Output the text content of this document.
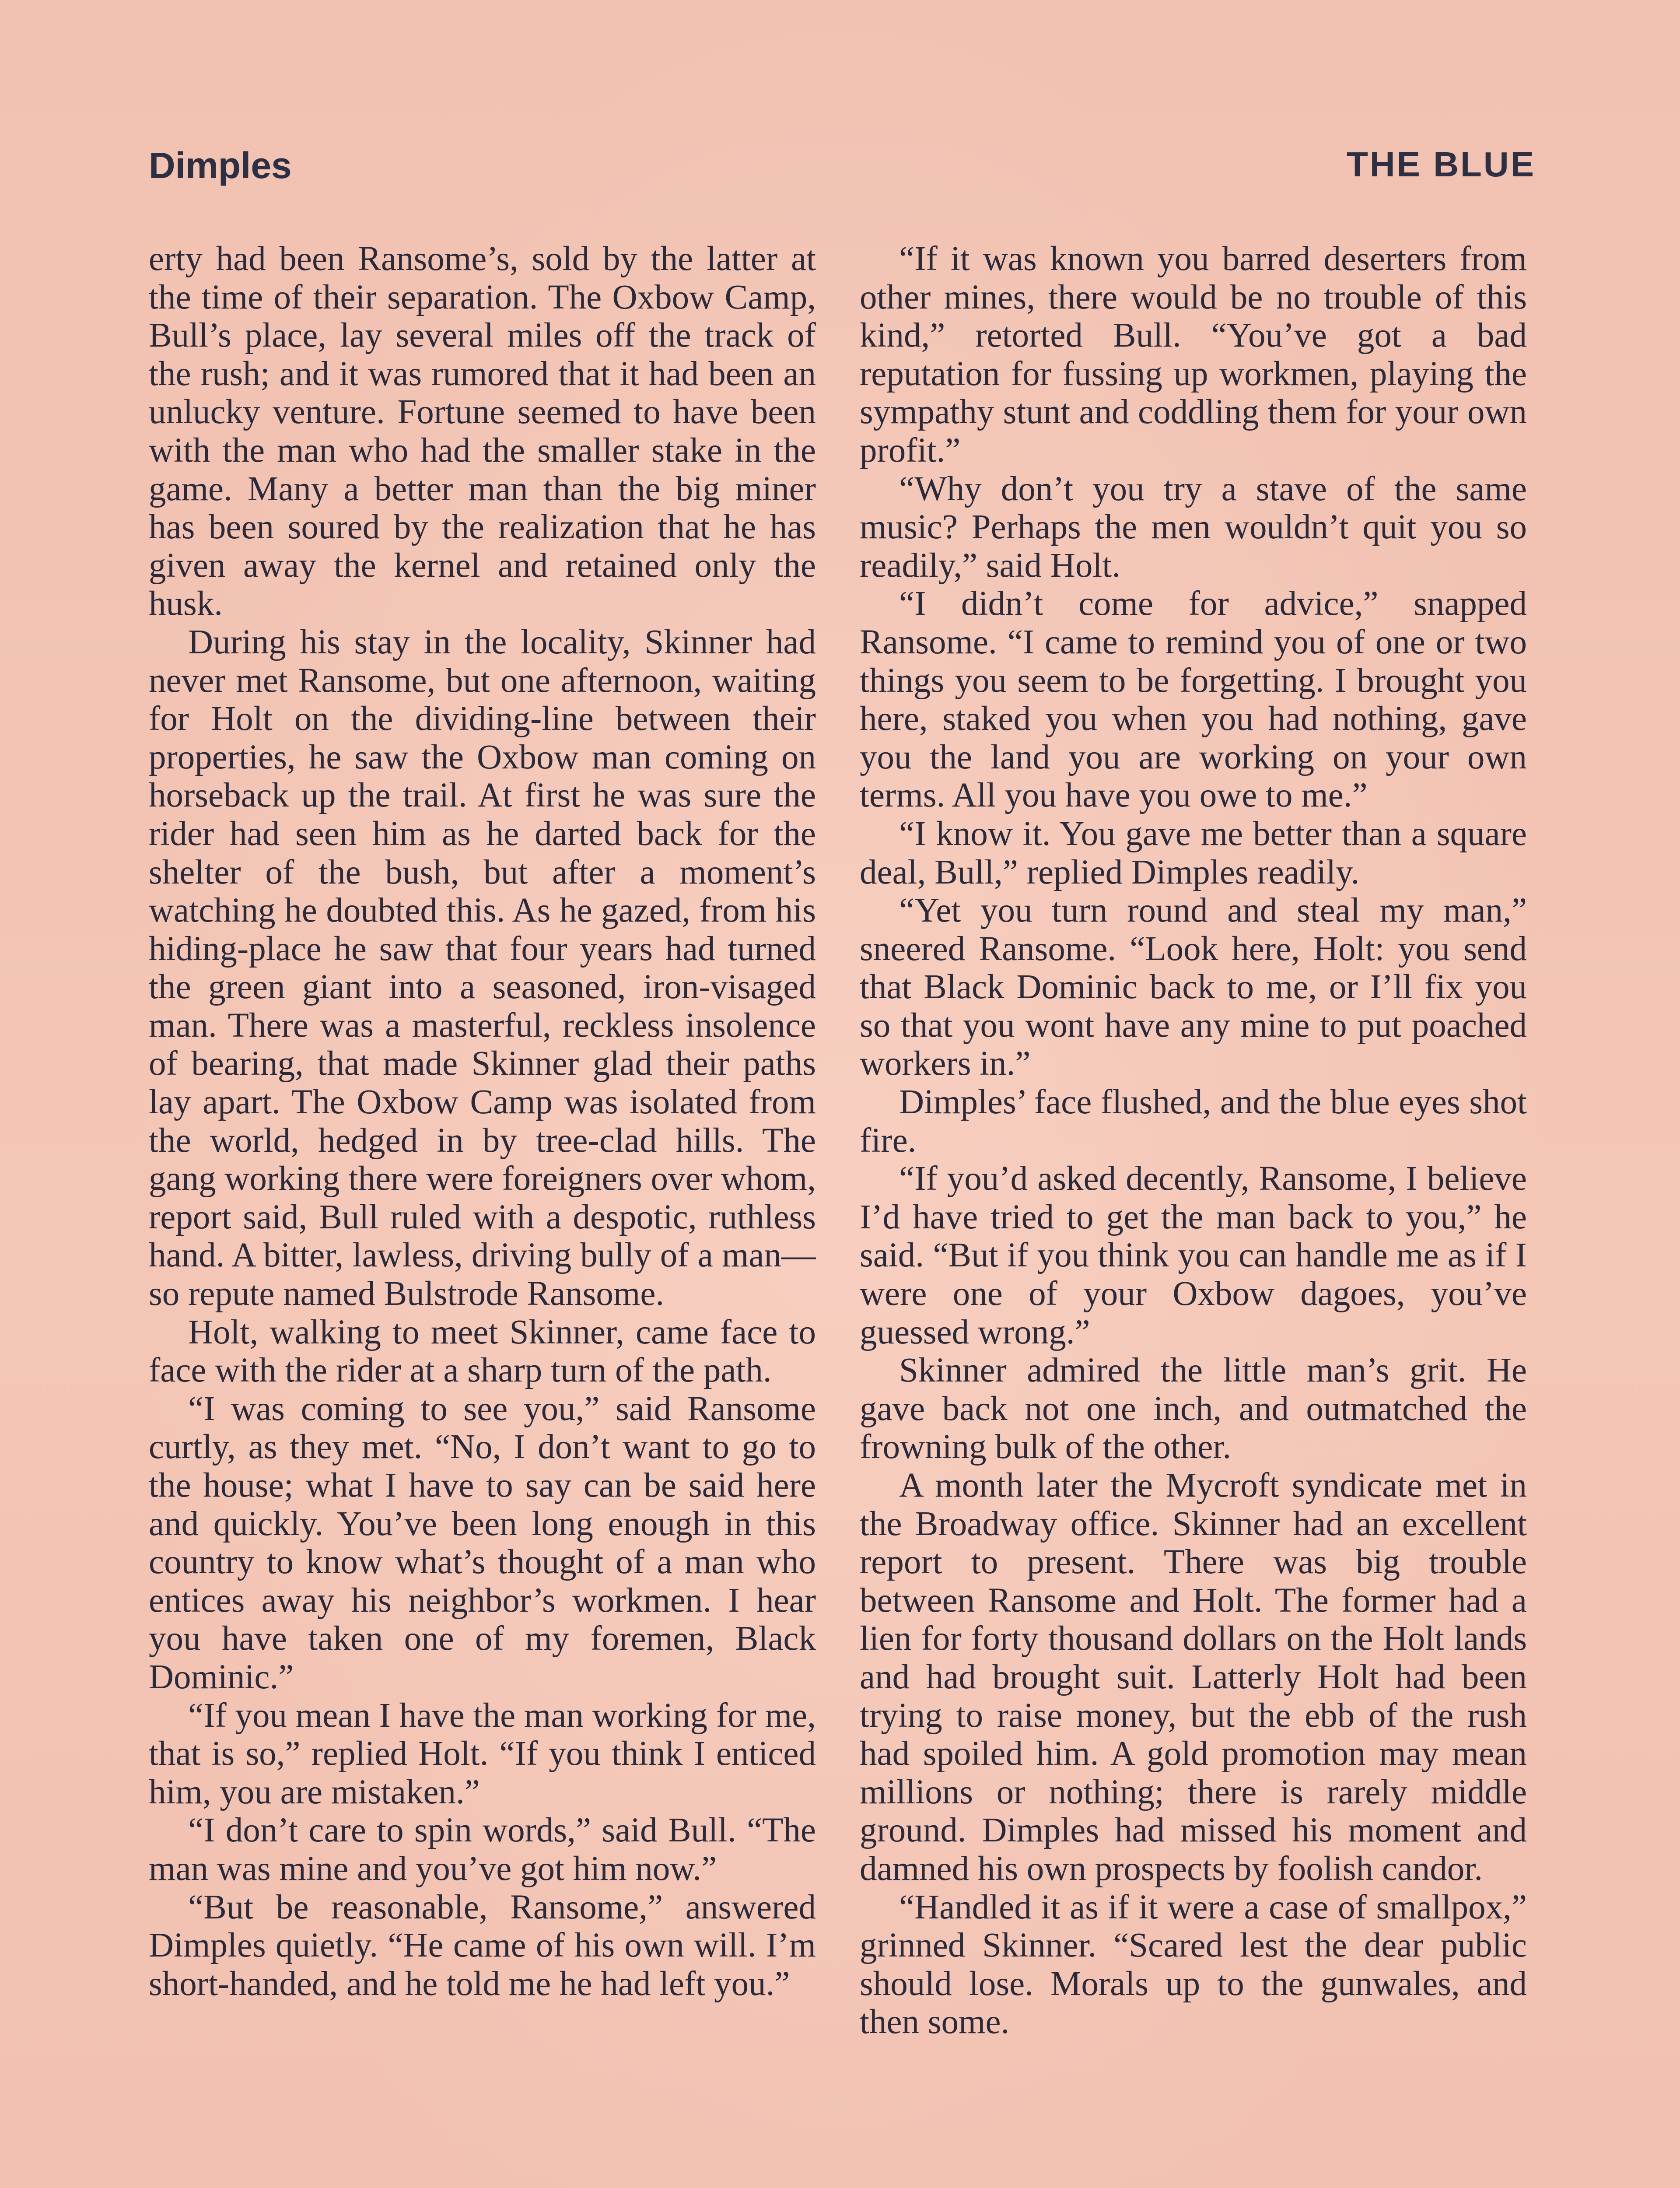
Dimples	THE BLUE

erty had been Ransome’s, sold by the latter at the time of their separation. The Oxbow Camp, Bull’s place, lay several miles off the track of the rush; and it was rumored that it had been an unlucky venture. Fortune seemed to have been with the man who had the smaller stake in the game. Many a better man than the big miner has been soured by the realization that he has given away the kernel and retained only the husk.

During his stay in the locality, Skinner had never met Ransome, but one afternoon, waiting for Holt on the dividing-line between their properties, he saw the Oxbow man coming on horseback up the trail. At first he was sure the rider had seen him as he darted back for the shelter of the bush, but after a moment’s watching he doubted this. As he gazed, from his hiding-place he saw that four years had turned the green giant into a seasoned, iron-visaged man. There was a masterful, reckless insolence of bearing, that made Skinner glad their paths lay apart. The Oxbow Camp was isolated from the world, hedged in by tree-clad hills. The gang working there were foreigners over whom, report said, Bull ruled with a despotic, ruthless hand. A bitter, lawless, driving bully of a man—so repute named Bulstrode Ransome.

Holt, walking to meet Skinner, came face to face with the rider at a sharp turn of the path.

“I was coming to see you,” said Ransome curtly, as they met. “No, I don’t want to go to the house; what I have to say can be said here and quickly. You’ve been long enough in this country to know what’s thought of a man who entices away his neighbor’s workmen. I hear you have taken one of my foremen, Black Dominic.”

“If you mean I have the man working for me, that is so,” replied Holt. “If you think I enticed him, you are mistaken.”

“I don’t care to spin words,” said Bull. “The man was mine and you’ve got him now.”

“But be reasonable, Ransome,” answered Dimples quietly. “He came of his own will. I’m short-handed, and he told me he had left you.”

“If it was known you barred deserters from other mines, there would be no trouble of this kind,” retorted Bull. “You’ve got a bad reputation for fussing up workmen, playing the sympathy stunt and coddling them for your own profit.”

“Why don’t you try a stave of the same music? Perhaps the men wouldn’t quit you so readily,” said Holt.

“I didn’t come for advice,” snapped Ransome. “I came to remind you of one or two things you seem to be forgetting. I brought you here, staked you when you had nothing, gave you the land you are working on your own terms. All you have you owe to me.”

“I know it. You gave me better than a square deal, Bull,” replied Dimples readily.

“Yet you turn round and steal my man,” sneered Ransome. “Look here, Holt: you send that Black Dominic back to me, or I’ll fix you so that you wont have any mine to put poached workers in.”

Dimples’ face flushed, and the blue eyes shot fire.

“If you’d asked decently, Ransome, I believe I’d have tried to get the man back to you,” he said. “But if you think you can handle me as if I were one of your Oxbow dagoes, you’ve guessed wrong.”

Skinner admired the little man’s grit. He gave back not one inch, and outmatched the frowning bulk of the other.

A month later the Mycroft syndicate met in the Broadway office. Skinner had an excellent report to present. There was big trouble between Ransome and Holt. The former had a lien for forty thousand dollars on the Holt lands and had brought suit. Latterly Holt had been trying to raise money, but the ebb of the rush had spoiled him. A gold promotion may mean millions or nothing; there is rarely middle ground. Dimples had missed his moment and damned his own prospects by foolish candor.

“Handled it as if it were a case of smallpox,” grinned Skinner. “Scared lest the dear public should lose. Morals up to the gunwales, and then some.
